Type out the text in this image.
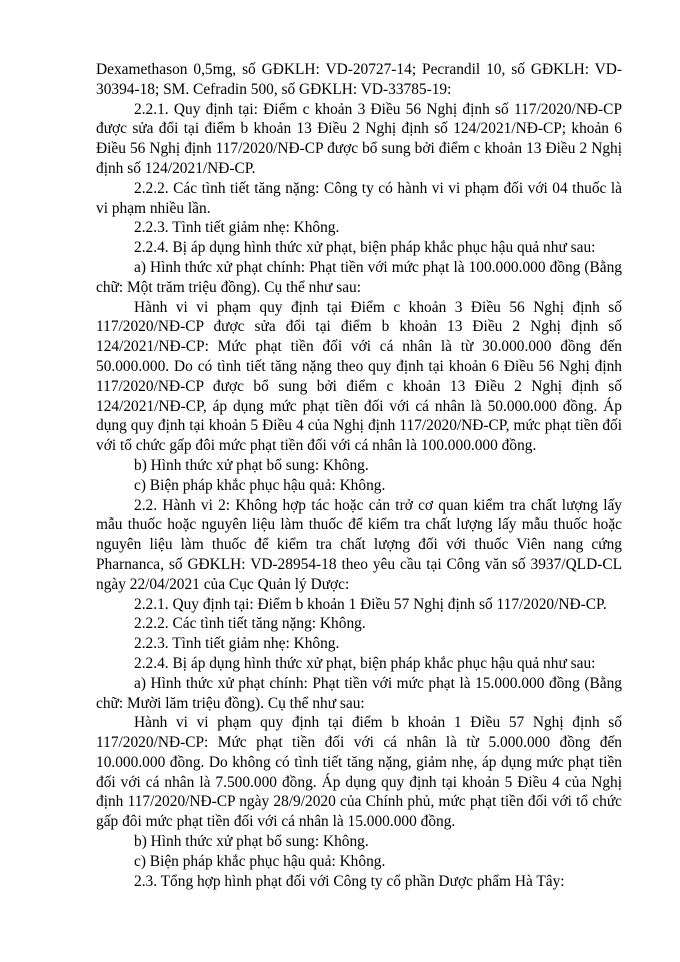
Dexamethason 0,5mg, số GĐKLH: VD-20727-14; Pecrandil 10, số GĐKLH: VD-30394-18; SM. Cefradin 500, số GĐKLH: VD-33785-19:

2.2.1. Quy định tại: Điểm c khoản 3 Điều 56 Nghị định số 117/2020/NĐ-CP được sửa đổi tại điểm b khoản 13 Điều 2 Nghị định số 124/2021/NĐ-CP; khoản 6 Điều 56 Nghị định 117/2020/NĐ-CP được bổ sung bởi điểm c khoản 13 Điều 2 Nghị định số 124/2021/NĐ-CP.

2.2.2. Các tình tiết tăng nặng: Công ty có hành vi vi phạm đối với 04 thuốc là vi phạm nhiều lần.

2.2.3. Tình tiết giảm nhẹ: Không.

2.2.4. Bị áp dụng hình thức xử phạt, biện pháp khắc phục hậu quả như sau:

a) Hình thức xử phạt chính: Phạt tiền với mức phạt là 100.000.000 đồng (Bằng chữ: Một trăm triệu đồng). Cụ thể như sau:

Hành vi vi phạm quy định tại Điểm c khoản 3 Điều 56 Nghị định số 117/2020/NĐ-CP được sửa đổi tại điểm b khoản 13 Điều 2 Nghị định số 124/2021/NĐ-CP: Mức phạt tiền đối với cá nhân là từ 30.000.000 đồng đến 50.000.000. Do có tình tiết tăng nặng theo quy định tại khoản 6 Điều 56 Nghị định 117/2020/NĐ-CP được bổ sung bởi điểm c khoản 13 Điều 2 Nghị định số 124/2021/NĐ-CP, áp dụng mức phạt tiền đối với cá nhân là 50.000.000 đồng. Áp dụng quy định tại khoản 5 Điều 4 của Nghị định 117/2020/NĐ-CP, mức phạt tiền đối với tổ chức gấp đôi mức phạt tiền đối với cá nhân là 100.000.000 đồng.

b) Hình thức xử phạt bổ sung: Không.

c) Biện pháp khắc phục hậu quả: Không.

2.2. Hành vi 2: Không hợp tác hoặc cản trở cơ quan kiểm tra chất lượng lấy mẫu thuốc hoặc nguyên liệu làm thuốc để kiểm tra chất lượng lấy mẫu thuốc hoặc nguyên liệu làm thuốc để kiểm tra chất lượng đối với thuốc Viên nang cứng Pharnanca, số GĐKLH: VD-28954-18 theo yêu cầu tại Công văn số 3937/QLD-CL ngày 22/04/2021 của Cục Quản lý Dược:

2.2.1. Quy định tại: Điểm b khoản 1 Điều 57 Nghị định số 117/2020/NĐ-CP.

2.2.2. Các tình tiết tăng nặng: Không.

2.2.3. Tình tiết giảm nhẹ: Không.

2.2.4. Bị áp dụng hình thức xử phạt, biện pháp khắc phục hậu quả như sau:

a) Hình thức xử phạt chính: Phạt tiền với mức phạt là 15.000.000 đồng (Bằng chữ: Mười lăm triệu đồng). Cụ thể như sau:

Hành vi vi phạm quy định tại điểm b khoản 1 Điều 57 Nghị định số 117/2020/NĐ-CP: Mức phạt tiền đối với cá nhân là từ 5.000.000 đồng đến 10.000.000 đồng. Do không có tình tiết tăng nặng, giảm nhẹ, áp dụng mức phạt tiền đối với cá nhân là 7.500.000 đồng. Áp dụng quy định tại khoản 5 Điều 4 của Nghị định 117/2020/NĐ-CP ngày 28/9/2020 của Chính phủ, mức phạt tiền đối với tổ chức gấp đôi mức phạt tiền đối với cá nhân là 15.000.000 đồng.

b) Hình thức xử phạt bổ sung: Không.

c) Biện pháp khắc phục hậu quả: Không.

2.3. Tổng hợp hình phạt đối với Công ty cổ phần Dược phẩm Hà Tây:
